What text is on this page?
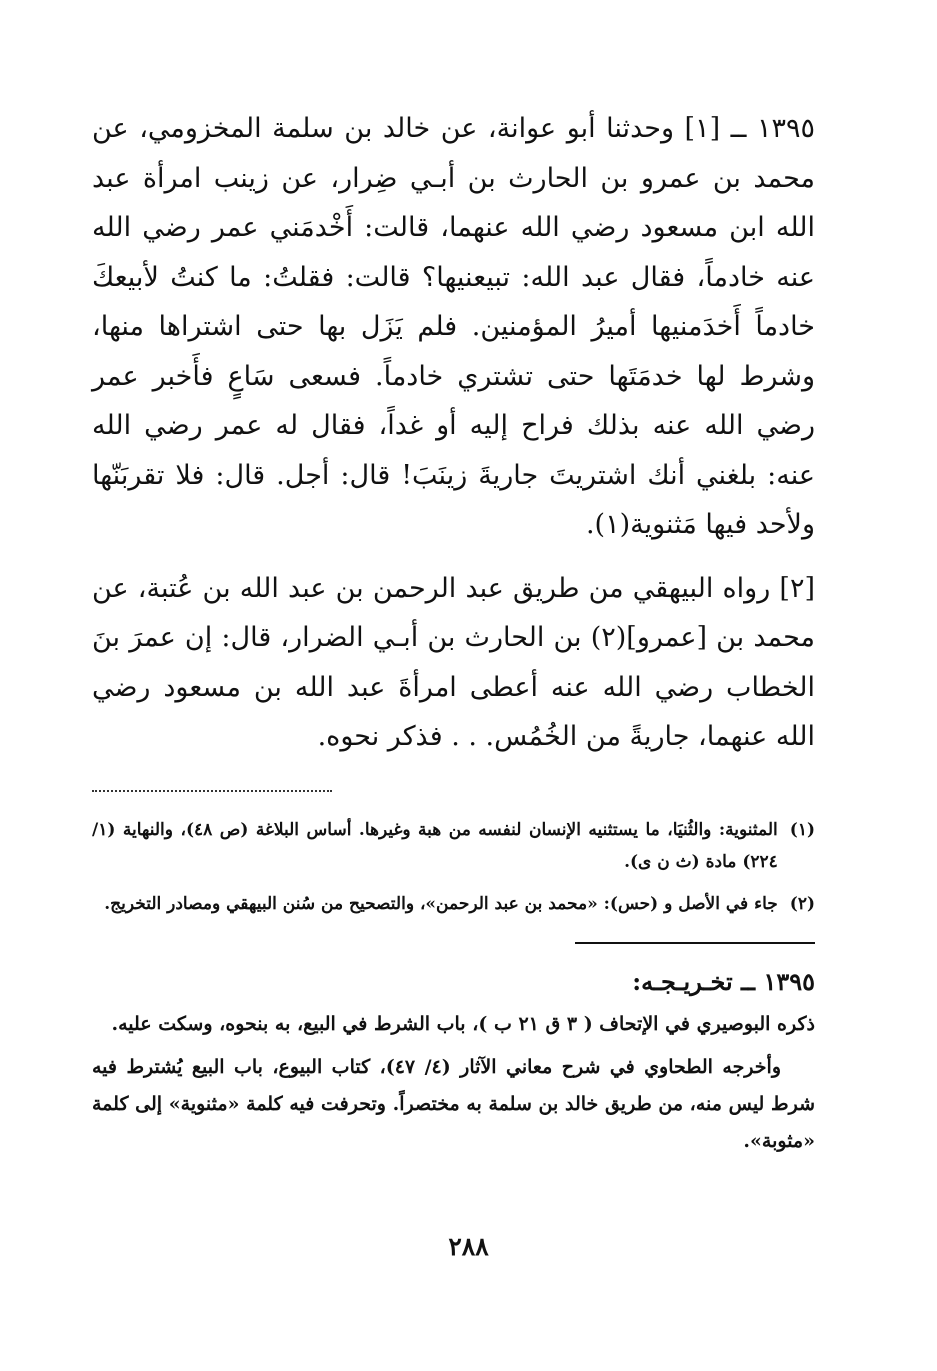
١٣٩٥ ــ [١] وحدثنا أبو عوانة، عن خالد بن سلمة المخزومي، عن محمد بن عمرو بن الحارث بن أبـي ضِرار، عن زينب امرأة عبد الله ابن مسعود رضي الله عنهما، قالت: أَخْدمَني عمر رضي الله عنه خادماً، فقال عبد الله: تبيعنيها؟ قالت: فقلتُ: ما كنتُ لأبيعكَ خادماً أَخدَمنيها أميرُ المؤمنين. فلم يَزَل بها حتى اشتراها منها، وشرط لها خدمَتَها حتى تشتري خادماً. فسعى سَاعٍ فأَخبر عمر رضي الله عنه بذلك فراح إليه أو غداً، فقال له عمر رضي الله عنه: بلغني أنك اشتريتَ جاريةَ زينَبَ! قال: أجل. قال: فلا تقربَنّها ولأحد فيها مَثنوية(١).

[٢] رواه البيهقي من طريق عبد الرحمن بن عبد الله بن عُتبة، عن محمد بن [عمرو](٢) بن الحارث بن أبـي الضرار، قال: إن عمرَ بنَ الخطاب رضي الله عنه أعطى امرأةَ عبد الله بن مسعود رضي الله عنهما، جاريةً من الخُمُس. . . فذكر نحوه.

(١)
المثنوية: والثُنيَا، ما يستثنيه الإنسان لنفسه من هبة وغيرها. أساس البلاغة (ص ٤٨)، والنهاية (١/ ٢٢٤) مادة (ث ن ى).
(٢)
جاء في الأصل و (حس): «محمد بن عبد الرحمن»، والتصحيح من سُنن البيهقي ومصادر التخريج.
١٣٩٥ ــ تخـريـجـه:

ذكره البوصيري في الإتحاف ( ٣ ق ٢١ ب )، باب الشرط في البيع، به بنحوه، وسكت عليه.

وأخرجه الطحاوي في شرح معاني الآثار (٤/ ٤٧)، كتاب البيوع، باب البيع يُشترط فيه شرط ليس منه، من طريق خالد بن سلمة به مختصراً. وتحرفت فيه كلمة «مثنوية» إلى كلمة «مثوبة».

٢٨٨
